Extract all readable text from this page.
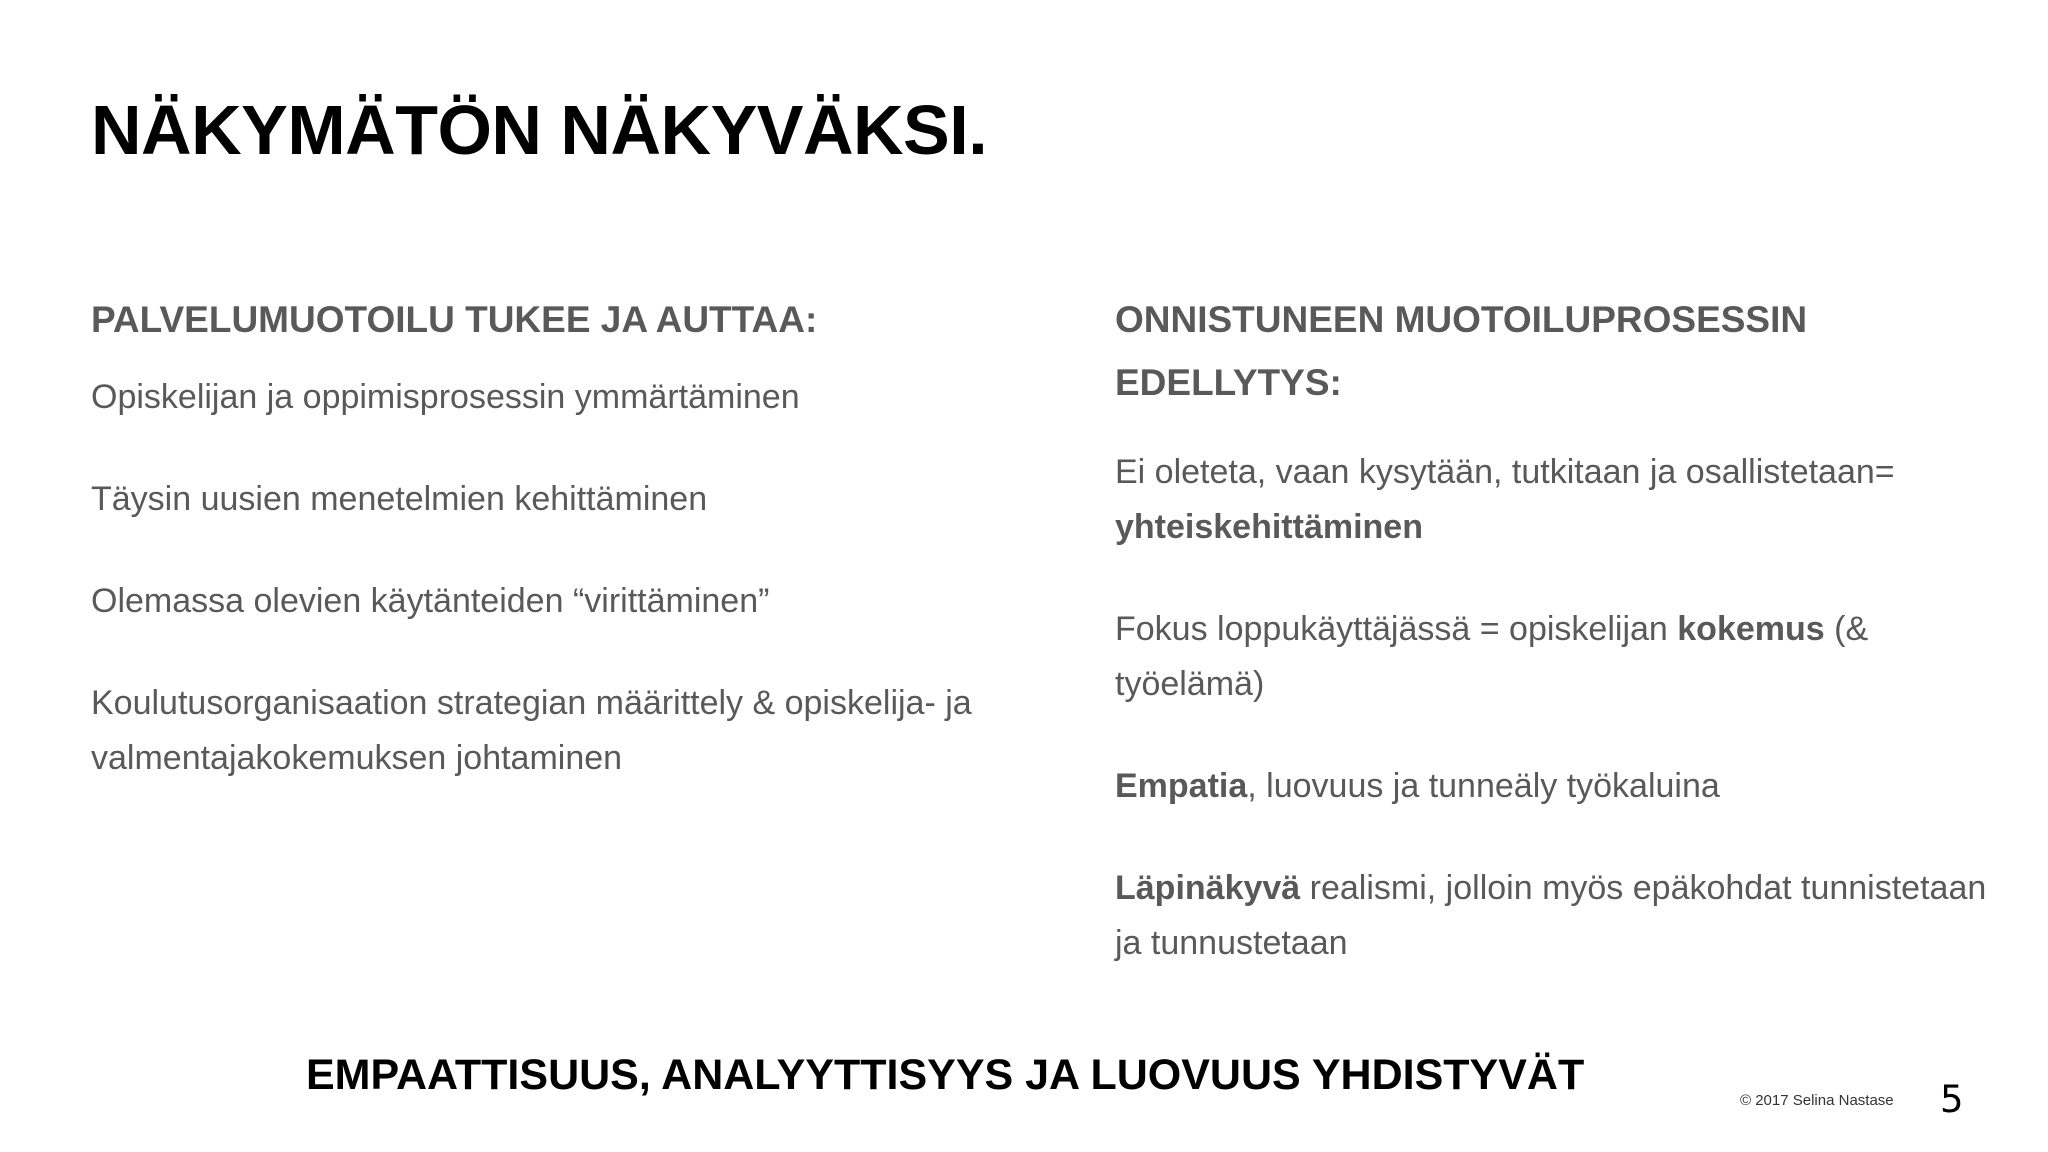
NÄKYMÄTÖN NÄKYVÄKSI.

PALVELUMUOTOILU TUKEE JA AUTTAA:

Opiskelijan ja oppimisprosessin ymmärtäminen

Täysin uusien menetelmien kehittäminen

Olemassa olevien käytänteiden “virittäminen”

Koulutusorganisaation strategian määrittely & opiskelija- ja valmentajakokemuksen johtaminen

ONNISTUNEEN MUOTOILUPROSESSIN EDELLYTYS:

Ei oleteta, vaan kysytään, tutkitaan ja osallistetaan=
yhteiskehittäminen

Fokus loppukäyttäjässä = opiskelijan kokemus (& työelämä)

Empatia, luovuus ja tunneäly työkaluina

Läpinäkyvä realismi, jolloin myös epäkohdat tunnistetaan ja tunnustetaan

EMPAATTISUUS, ANALYYTTISYYS JA LUOVUUS YHDISTYVÄT

© 2017 Selina Nastase 5
